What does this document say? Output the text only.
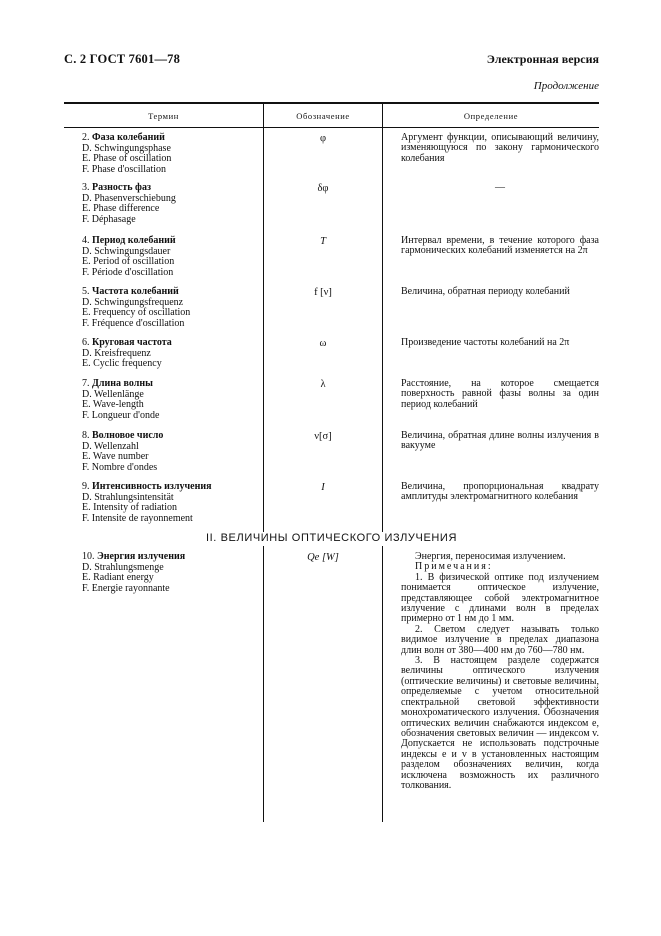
С. 2 ГОСТ 7601—78	Электронная версия
Продолжение
Термин	Обозначение	Определение
2. Фаза колебаний
D. Schwingungsphase
E. Phase of oscillation
F. Phase d'oscillation
φ	Аргумент функции, описывающий величину, изменяющуюся по закону гармонического колебания
3. Разность фаз
D. Phasenverschiebung
E. Phase difference
F. Déphasage
δφ	—
4. Период колебаний
D. Schwingungsdauer
E. Period of oscillation
F. Période d'oscillation
T	Интервал времени, в течение которого фаза гармонических колебаний изменяется на 2π
5. Частота колебаний
D. Schwingungsfrequenz
E. Frequency of oscillation
F. Fréquence d'oscillation
f [ν]	Величина, обратная периоду колебаний
6. Круговая частота
D. Kreisfrequenz
E. Cyclic frequency
ω	Произведение частоты колебаний на 2π
7. Длина волны
D. Wellenlänge
E. Wave-length
F. Longueur d'onde
λ	Расстояние, на которое смещается поверхность равной фазы волны за один период колебаний
8. Волновое число
D. Wellenzahl
E. Wave number
F. Nombre d'ondes
ν[σ]	Величина, обратная длине волны излучения в вакууме
9. Интенсивность излучения
D. Strahlungsintensität
E. Intensity of radiation
F. Intensite de rayonnement
I	Величина, пропорциональная квадрату амплитуды электромагнитного колебания
II. ВЕЛИЧИНЫ ОПТИЧЕСКОГО ИЗЛУЧЕНИЯ
10. Энергия излучения
D. Strahlungsmenge
E. Radiant energy
F. Energie rayonnante
Qe [W]	Энергия, переносимая излучением.

Примечания:

1. В физической оптике под излучением понимается оптическое излучение, представляющее собой электромагнитное излучение с длинами волн в пределах примерно от 1 нм до 1 мм.

2. Светом следует называть только видимое излучение в пределах диапазона длин волн от 380—400 нм до 760—780 нм.

3. В настоящем разделе содержатся величины оптического излучения (оптические величины) и световые величины, определяемые с учетом относительной спектральной световой эффективности монохроматического излучения. Обозначения оптических величин снабжаются индексом e, обозначения световых величин — индексом v. Допускается не использовать подстрочные индексы e и v в установленных настоящим разделом обозначениях величин, когда исключена возможность их различного толкования.
